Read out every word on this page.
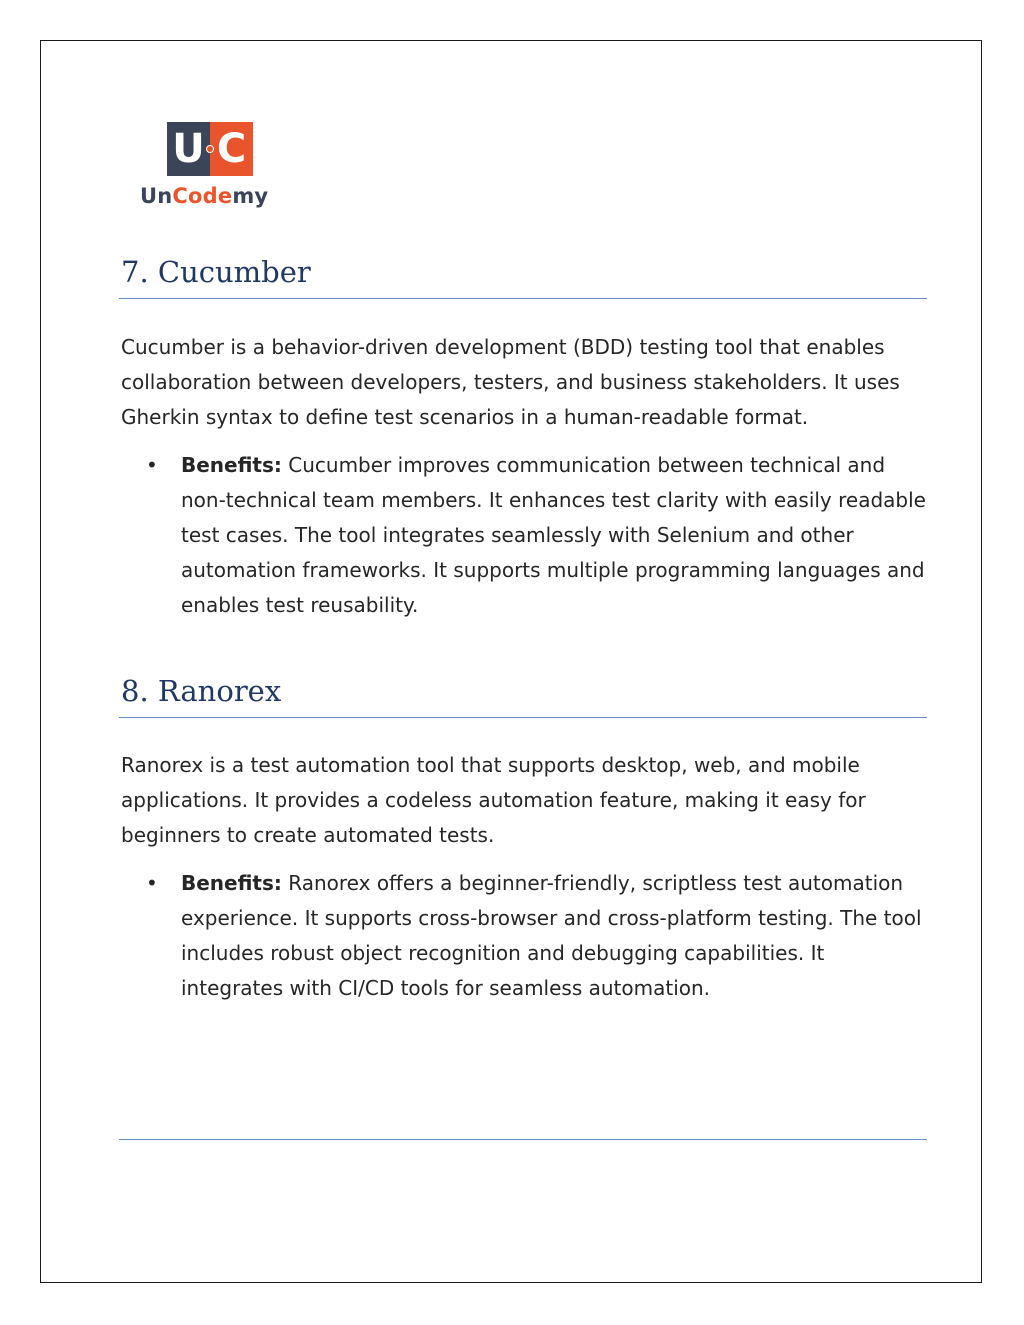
U C
UnCodemy
7. Cucumber

Cucumber is a behavior-driven development (BDD) testing tool that enables collaboration between developers, testers, and business stakeholders. It uses Gherkin syntax to define test scenarios in a human-readable format.

• Benefits: Cucumber improves communication between technical and non-technical team members. It enhances test clarity with easily readable test cases. The tool integrates seamlessly with Selenium and other automation frameworks. It supports multiple programming languages and enables test reusability.

8. Ranorex

Ranorex is a test automation tool that supports desktop, web, and mobile applications. It provides a codeless automation feature, making it easy for beginners to create automated tests.

• Benefits: Ranorex offers a beginner-friendly, scriptless test automation experience. It supports cross-browser and cross-platform testing. The tool includes robust object recognition and debugging capabilities. It integrates with CI/CD tools for seamless automation.
